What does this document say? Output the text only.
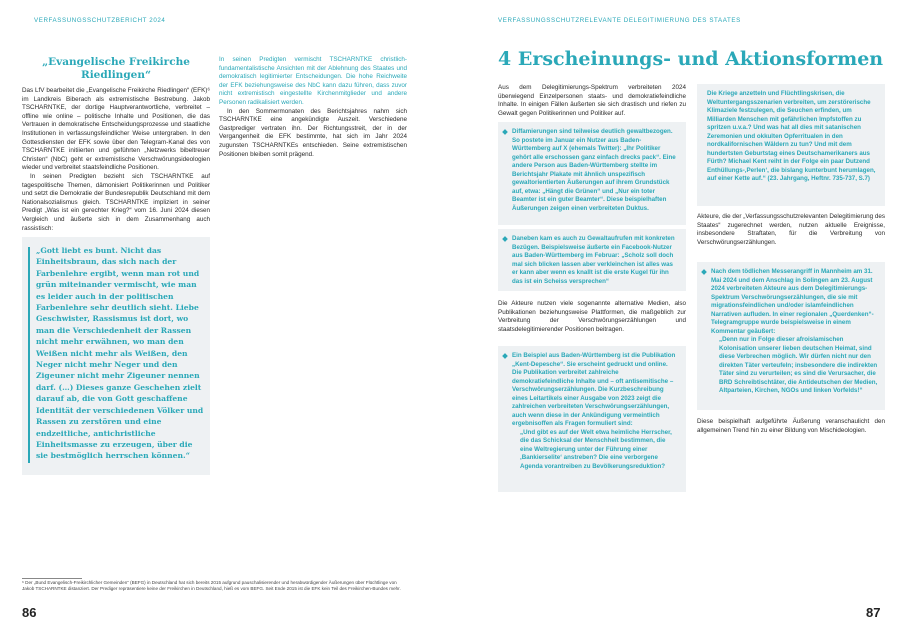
VERFASSUNGSSCHUTZBERICHT 2024
„Evangelische Freikirche Riedlingen“

Das LfV bearbeitet die „Evangelische Freikirche Riedlingen“ (EFK)⁶ im Landkreis Biberach als extremistische Bestrebung. Jakob TSCHARNTKE, der dortige Hauptverantwortliche, verbreitet – offline wie online – politische Inhalte und Positionen, die das Vertrauen in demokratische Entscheidungsprozesse und staatliche Institutionen in verfassungsfeindlicher Weise untergraben. In den Gottesdiensten der EFK sowie über den Telegram-Kanal des von TSCHARNTKE initiierten und geführten „Netzwerks bibeltreuer Christen“ (NbC) geht er extremistische Verschwörungsideologien wieder und verbreitet staatsfeindliche Positionen.

In seinen Predigten bezieht sich TSCHARNTKE auf tagespolitische Themen, dämonisiert Politikerinnen und Politiker und setzt die Demokratie der Bundesrepublik Deutschland mit dem Nationalsozialismus gleich. TSCHARNTKE impliziert in seiner Predigt „Was ist ein gerechter Krieg?“ vom 16. Juni 2024 diesen Vergleich und äußerte sich in dem Zusammenhang auch rassistisch:

In seinen Predigten vermischt TSCHARNTKE christlich-fundamentalistische Ansichten mit der Ablehnung des Staates und demokratisch legitimierter Entscheidungen. Die hohe Reichweite der EFK beziehungsweise des NbC kann dazu führen, dass zuvor nicht extremistisch eingestellte Kirchenmitglieder und andere Personen radikalisiert werden.

In den Sommermonaten des Berichtsjahres nahm sich TSCHARNTKE eine angekündigte Auszeit. Verschiedene Gastprediger vertraten ihn. Der Richtungsstreit, der in der Vergangenheit die EFK bestimmte, hat sich im Jahr 2024 zugunsten TSCHARNTKEs entschieden. Seine extremistischen Positionen bleiben somit prägend.

„Gott liebt es bunt. Nicht das Einheitsbraun, das sich nach der Farbenlehre ergibt, wenn man rot und grün miteinander vermischt, wie man es leider auch in der politischen Farbenlehre sehr deutlich sieht. Liebe Geschwister, Rassismus ist dort, wo man die Verschiedenheit der Rassen nicht mehr erwähnen, wo man den Weißen nicht mehr als Weißen, den Neger nicht mehr Neger und den Zigeuner nicht mehr Zigeuner nennen darf. (…) Dieses ganze Geschehen zielt darauf ab, die von Gott geschaffene Identität der verschiedenen Völker und Rassen zu zerstören und eine endzeitliche, antichristliche Einheitsmasse zu erzeugen, über die sie bestmöglich herrschen können.“
⁶ Der „Bund Evangelisch-Freikirchlicher Gemeinden“ (BEFG) in Deutschland hat sich bereits 2015 aufgrund pauschalisierender und herabwürdigender Äußerungen über Flüchtlinge von Jakob TSCHARNTKE distanziert. Der Prediger repräsentiere keine der Freikirchen in Deutschland, hieß es vom BEFG. Seit Ende 2015 ist die EFK kein Teil des Freikirchen-Bundes mehr.
86
VERFASSUNGSSCHUTZRELEVANTE DELEGITIMIERUNG DES STAATES
4 Erscheinungs- und Aktionsformen

Aus dem Delegitimierungs-Spektrum verbreiteten 2024 überwiegend Einzelpersonen staats- und demokratiefeindliche Inhalte. In einigen Fällen äußerten sie sich drastisch und riefen zu Gewalt gegen Politikerinnen und Politiker auf.

Diffamierungen sind teilweise deutlich gewaltbezogen. So postete im Januar ein Nutzer aus Baden-Württemberg auf X (ehemals Twitter): „Ihr Politiker gehört alle erschossen ganz einfach drecks pack“. Eine andere Person aus Baden-Württemberg stellte im Berichtsjahr Plakate mit ähnlich unspezifisch gewaltorientierten Äußerungen auf ihrem Grundstück auf, etwa: „Hängt die Grünen“ und „Nur ein toter Beamter ist ein guter Beamter“. Diese beispielhaften Äußerungen zeigen einen verbreiteten Duktus.
Daneben kam es auch zu Gewaltaufrufen mit konkreten Bezügen. Beispielsweise äußerte ein Facebook-Nutzer aus Baden-Württemberg im Februar: „Scholz soll doch mal sich blicken lassen aber verkleinchen ist alles was er kann aber wenn es knallt ist die erste Kugel für ihn das ist ein Scheiss versprechen“
Die Akteure nutzen viele sogenannte alternative Medien, also Publikationen beziehungsweise Plattformen, die maßgeblich zur Verbreitung der Verschwörungserzählungen und staatsdelegitimierender Positionen beitragen.
Ein Beispiel aus Baden-Württemberg ist die Publikation „Kent-Depesche“. Sie erscheint gedruckt und online. Die Publikation verbreitet zahlreiche demokratiefeindliche Inhalte und – oft antisemitische – Verschwörungserzählungen. Die Kurzbeschreibung eines Leitartikels einer Ausgabe von 2023 zeigt die zahlreichen verbreiteten Verschwörungserzählungen, auch wenn diese in der Ankündigung vermeintlich ergebnisoffen als Fragen formuliert sind:
„Und gibt es auf der Welt etwa heimliche Herrscher, die das Schicksal der Menschheit bestimmen, die eine Weltregierung unter der Führung einer ‚Bankierselite‘ anstreben? Die eine verborgene Agenda vorantreiben zu Bevölkerungsreduktion?
Die Kriege anzetteln und Flüchtlingskrisen, die Weltuntergangsszenarien verbreiten, um zerstörerische Klimaziele festzulegen, die Seuchen erfinden, um Milliarden Menschen mit gefährlichen Impfstoffen zu spritzen u.v.a.? Und was hat all dies mit satanischen Zeremonien und okkulten Opferritualen in den nordkalifornischen Wäldern zu tun? Und mit dem hundertsten Geburtstag eines Deutschamerikaners aus Fürth? Michael Kent reiht in der Folge ein paar Dutzend Enthüllungs-‚Perlen‘, die bislang kunterbunt herumlagen, auf einer Kette auf.“ (23. Jahrgang, Heftnr. 735-737, S.7)
Akteure, die der „Verfassungsschutzrelevanten Delegitimierung des Staates“ zugerechnet werden, nutzen aktuelle Ereignisse, insbesondere Straftaten, für die Verbreitung von Verschwörungserzählungen.
Nach dem tödlichen Messerangriff in Mannheim am 31. Mai 2024 und dem Anschlag in Solingen am 23. August 2024 verbreiteten Akteure aus dem Delegitimierungs-Spektrum Verschwörungserzählungen, die sie mit migrationsfeindlichen und/oder islamfeindlichen Narrativen aufluden. In einer regionalen „Querdenken“-Telegramgruppe wurde beispielsweise in einem Kommentar geäußert:
„Denn nur in Folge dieser afroislamischen Kolonisation unserer lieben deutschen Heimat, sind diese Verbrechen möglich. Wir dürfen nicht nur den direkten Täter verteufeln; insbesondere die indirekten Täter sind zu verurteilen; es sind die Verursacher, die BRD Schreibtischtäter, die Antideutschen der Medien, Altparteien, Kirchen, NGOs und linken Vorfelds!“
Diese beispielhaft aufgeführte Äußerung veranschaulicht den allgemeinen Trend hin zu einer Bildung von Mischideologien.
87
